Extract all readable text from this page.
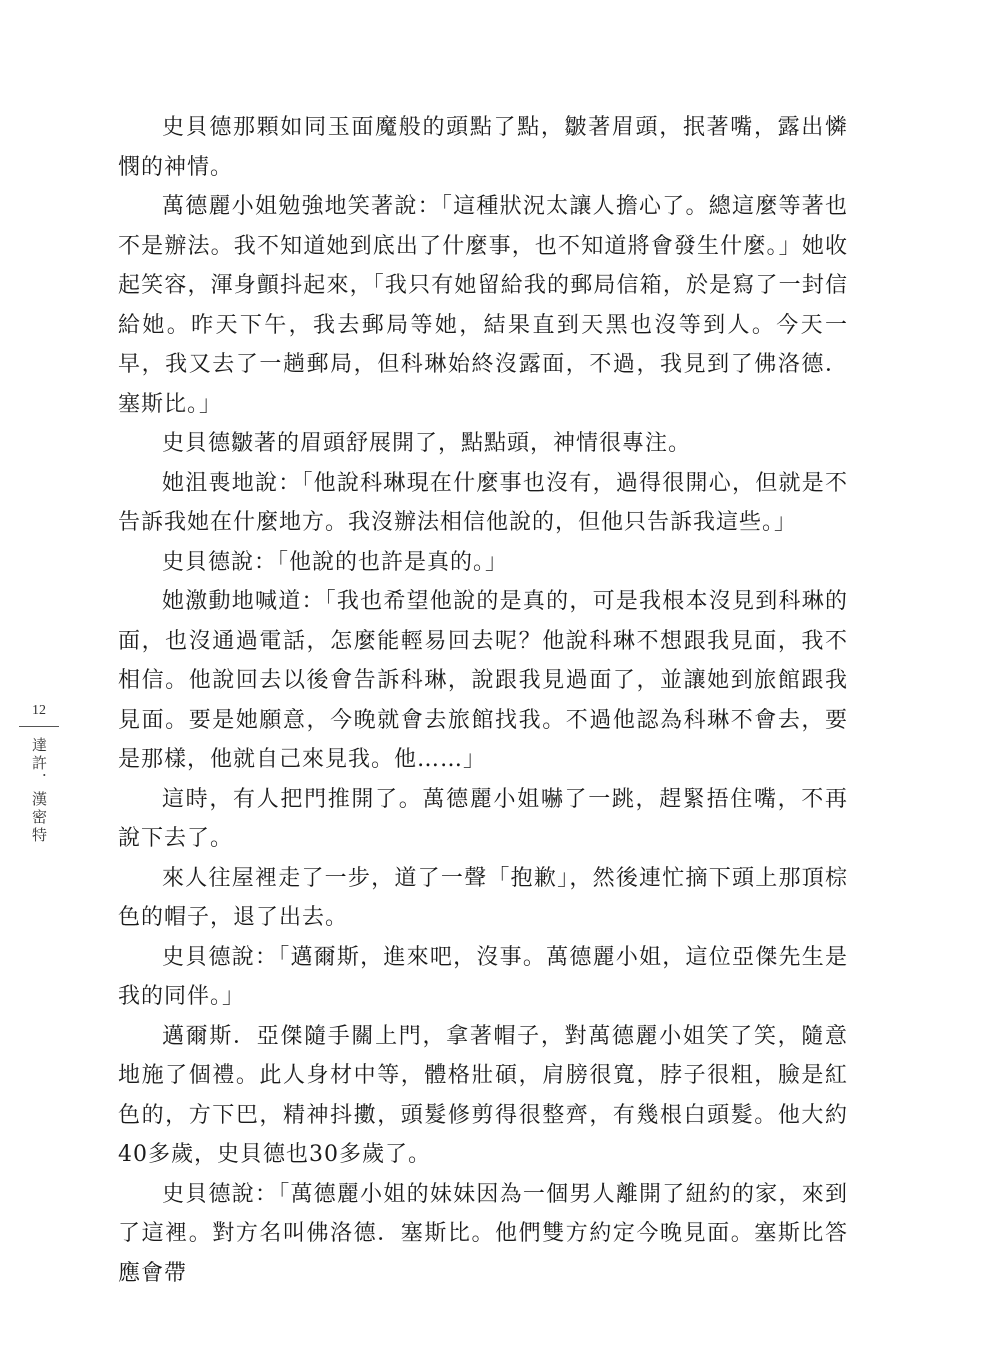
史貝德那顆如同玉面魔般的頭點了點，皺著眉頭，抿著嘴，露出憐憫的神情。

萬德麗小姐勉強地笑著說：「這種狀況太讓人擔心了。總這麼等著也不是辦法。我不知道她到底出了什麼事，也不知道將會發生什麼。」她收起笑容，渾身顫抖起來，「我只有她留給我的郵局信箱，於是寫了一封信給她。昨天下午，我去郵局等她，結果直到天黑也沒等到人。今天一早，我又去了一趟郵局，但科琳始終沒露面，不過，我見到了佛洛德．塞斯比。」

史貝德皺著的眉頭舒展開了，點點頭，神情很專注。

她沮喪地說：「他說科琳現在什麼事也沒有，過得很開心，但就是不告訴我她在什麼地方。我沒辦法相信他說的，但他只告訴我這些。」

史貝德說：「他說的也許是真的。」

她激動地喊道：「我也希望他說的是真的，可是我根本沒見到科琳的面，也沒通過電話，怎麼能輕易回去呢？他說科琳不想跟我見面，我不相信。他說回去以後會告訴科琳，說跟我見過面了，並讓她到旅館跟我見面。要是她願意，今晚就會去旅館找我。不過他認為科琳不會去，要是那樣，他就自己來見我。他……」

這時，有人把門推開了。萬德麗小姐嚇了一跳，趕緊捂住嘴，不再說下去了。

來人往屋裡走了一步，道了一聲「抱歉」，然後連忙摘下頭上那頂棕色的帽子，退了出去。

史貝德說：「邁爾斯，進來吧，沒事。萬德麗小姐，這位亞傑先生是我的同伴。」

邁爾斯．亞傑隨手關上門，拿著帽子，對萬德麗小姐笑了笑，隨意地施了個禮。此人身材中等，體格壯碩，肩膀很寬，脖子很粗，臉是紅色的，方下巴，精神抖擻，頭髮修剪得很整齊，有幾根白頭髮。他大約40多歲，史貝德也30多歲了。

史貝德說：「萬德麗小姐的妹妹因為一個男人離開了紐約的家，來到了這裡。對方名叫佛洛德．塞斯比。他們雙方約定今晚見面。塞斯比答應會帶

12
達許．漢密特
